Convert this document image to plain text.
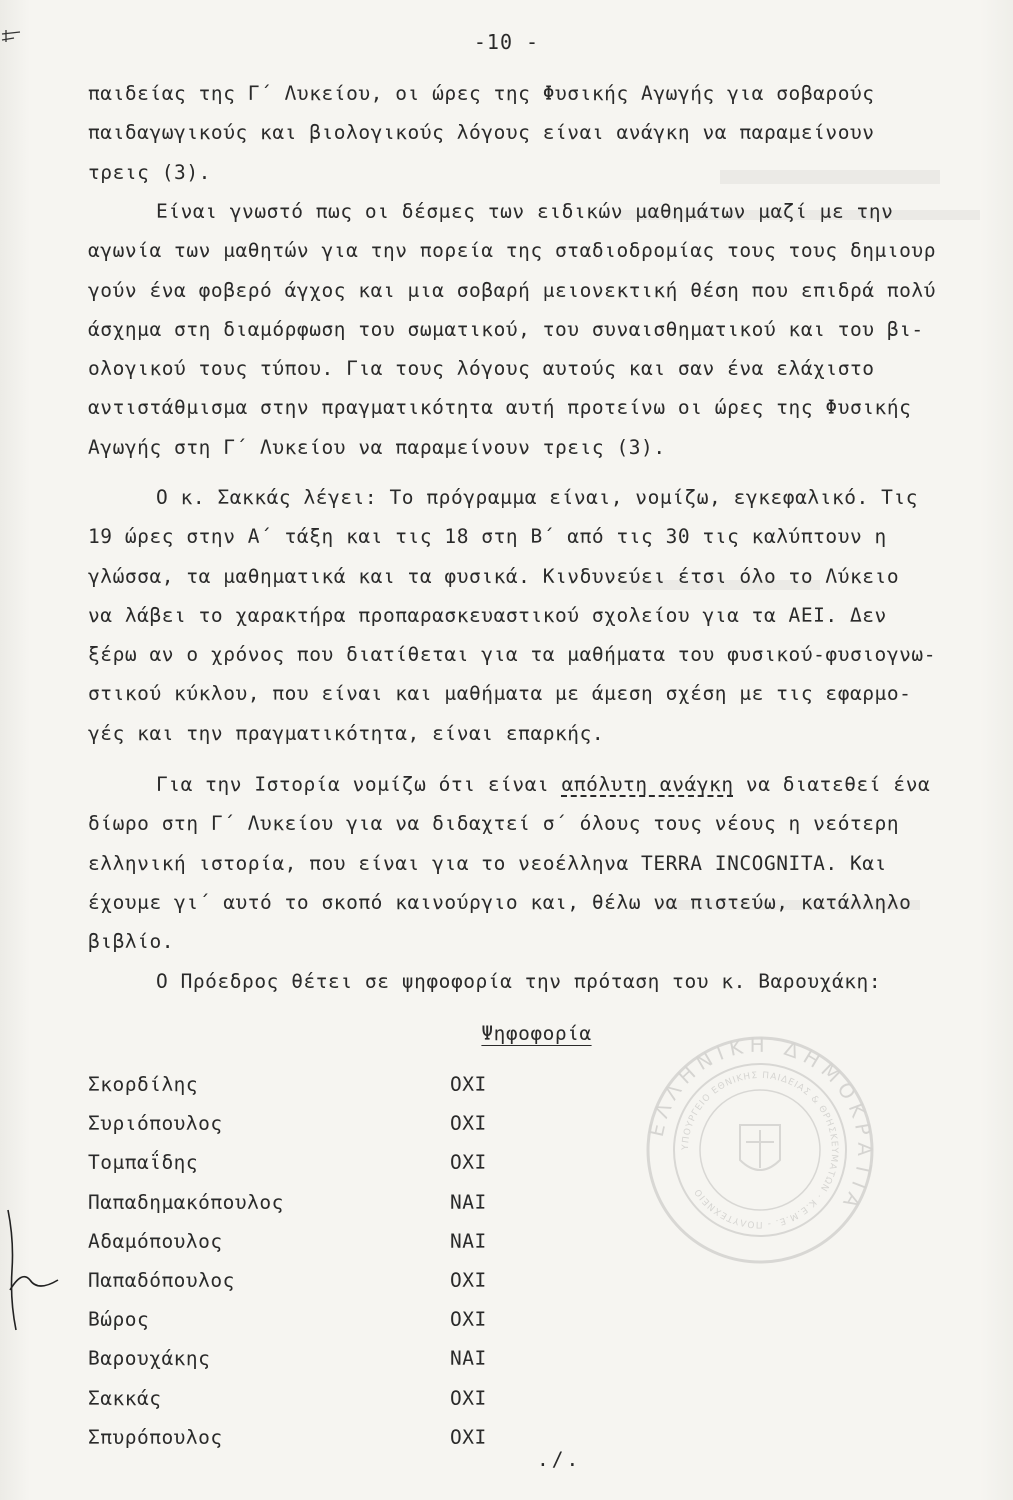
-10 -
παιδείας της Γ΄ Λυκείου, οι ώρες της Φυσικής Αγωγής για σοβαρούς
παιδαγωγικούς και βιολογικούς λόγους είναι ανάγκη να παραμείνουν
τρεις (3).
Είναι γνωστό πως οι δέσμες των ειδικών μαθημάτων μαζί με την
αγωνία των μαθητών για την πορεία της σταδιοδρομίας τους τους δημιουρ
γούν ένα φοβερό άγχος και μια σοβαρή μειονεκτική θέση που επιδρά πολύ
άσχημα στη διαμόρφωση του σωματικού, του συναισθηματικού και του βι-
ολογικού τους τύπου. Για τους λόγους αυτούς και σαν ένα ελάχιστο
αντιστάθμισμα στην πραγματικότητα αυτή προτείνω οι ώρες της Φυσικής
Αγωγής στη Γ΄ Λυκείου να παραμείνουν τρεις (3).
Ο κ. Σακκάς λέγει: Το πρόγραμμα είναι, νομίζω, εγκεφαλικό. Τις
19 ώρες στην Α΄ τάξη και τις 18 στη Β΄ από τις 30 τις καλύπτουν η
γλώσσα, τα μαθηματικά και τα φυσικά. Κινδυνεύει έτσι όλο το Λύκειο
να λάβει το χαρακτήρα προπαρασκευαστικού σχολείου για τα ΑΕΙ. Δεν
ξέρω αν ο χρόνος που διατίθεται για τα μαθήματα του φυσικού-φυσιογνω-
στικού κύκλου, που είναι και μαθήματα με άμεση σχέση με τις εφαρμο-
γές και την πραγματικότητα, είναι επαρκής.
Για την Ιστορία νομίζω ότι είναι απόλυτη ανάγκη να διατεθεί ένα
δίωρο στη Γ΄ Λυκείου για να διδαχτεί σ΄ όλους τους νέους η νεότερη
ελληνική ιστορία, που είναι για το νεοέλληνα TERRA INCOGNITA. Και
έχουμε γι΄ αυτό το σκοπό καινούργιο και, θέλω να πιστεύω, κατάλληλο
βιβλίο.
Ο Πρόεδρος θέτει σε ψηφοφορία την πρόταση του κ. Βαρουχάκη:
Ψηφοφορία
Σκορδίλης	ΟΧΙ
Συριόπουλος	ΟΧΙ
Τομπαΐδης	ΟΧΙ
Παπαδημακόπουλος	ΝΑΙ
Αδαμόπουλος	ΝΑΙ
Παπαδόπουλος	ΟΧΙ
Βώρος	ΟΧΙ
Βαρουχάκης	ΝΑΙ
Σακκάς	ΟΧΙ
Σπυρόπουλος	ΟΧΙ
./.
ΕΛΛΗΝΙΚΗ ΔΗΜΟΚΡΑΤΙΑ
ΥΠΟΥΡΓΕΙΟ ΕΘΝΙΚΗΣ ΠΑΙΔΕΙΑΣ & ΘΡΗΣΚΕΥΜΑΤΩΝ · Κ.Ε.Μ.Ε. - ΠΟΛΥΤΕΧΝΕΙΟ
